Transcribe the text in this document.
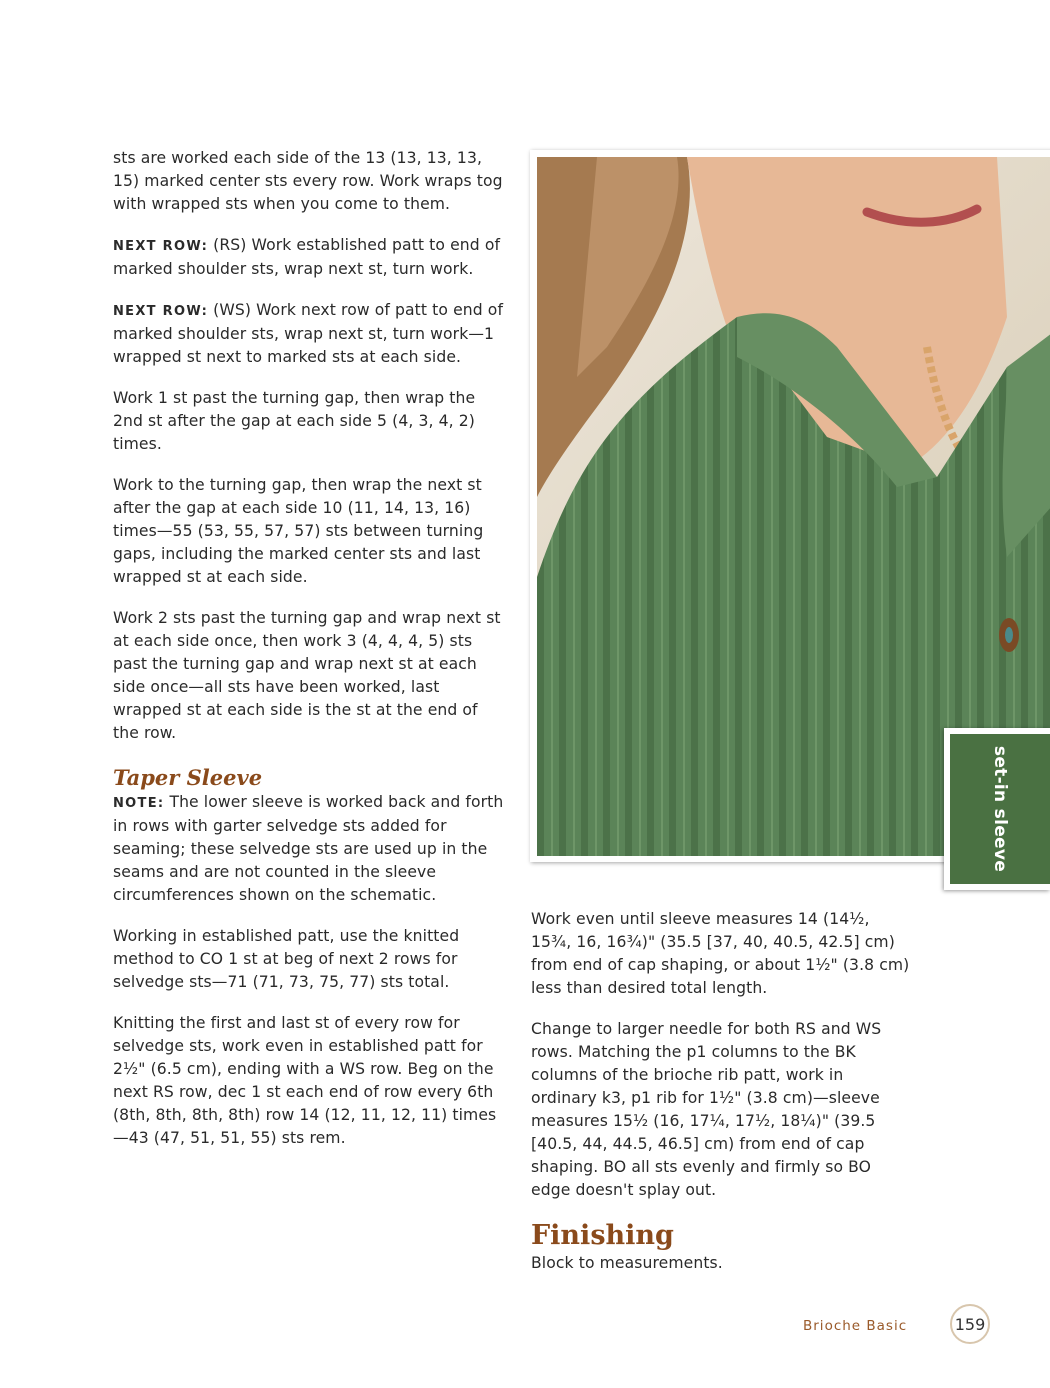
sts are worked each side of the 13 (13, 13, 13, 15) marked center sts every row. Work wraps tog with wrapped sts when you come to them.

NEXT ROW: (RS) Work established patt to end of marked shoulder sts, wrap next st, turn work.

NEXT ROW: (WS) Work next row of patt to end of marked shoulder sts, wrap next st, turn work—1 wrapped st next to marked sts at each side.

Work 1 st past the turning gap, then wrap the 2nd st after the gap at each side 5 (4, 3, 4, 2) times.

Work to the turning gap, then wrap the next st after the gap at each side 10 (11, 14, 13, 16) times—55 (53, 55, 57, 57) sts between turning gaps, including the marked center sts and last wrapped st at each side.

Work 2 sts past the turning gap and wrap next st at each side once, then work 3 (4, 4, 4, 5) sts past the turning gap and wrap next st at each side once—all sts have been worked, last wrapped st at each side is the st at the end of the row.

Taper Sleeve

NOTE: The lower sleeve is worked back and forth in rows with garter selvedge sts added for seaming; these selvedge sts are used up in the seams and are not counted in the sleeve circumferences shown on the schematic.

Working in established patt, use the knitted method to CO 1 st at beg of next 2 rows for selvedge sts—71 (71, 73, 75, 77) sts total.

Knitting the first and last st of every row for selvedge sts, work even in established patt for 2½" (6.5 cm), ending with a WS row. Beg on the next RS row, dec 1 st each end of row every 6th (8th, 8th, 8th, 8th) row 14 (12, 11, 12, 11) times—43 (47, 51, 51, 55) sts rem.

set-in sleeve

Work even until sleeve measures 14 (14½, 15¾, 16, 16¾)" (35.5 [37, 40, 40.5, 42.5] cm) from end of cap shaping, or about 1½" (3.8 cm) less than desired total length.

Change to larger needle for both RS and WS rows. Matching the p1 columns to the BK columns of the brioche rib patt, work in ordinary k3, p1 rib for 1½" (3.8 cm)—sleeve measures 15½ (16, 17¼, 17½, 18¼)" (39.5 [40.5, 44, 44.5, 46.5] cm) from end of cap shaping. BO all sts evenly and firmly so BO edge doesn't splay out.

Finishing

Block to measurements.

Brioche Basic	159
